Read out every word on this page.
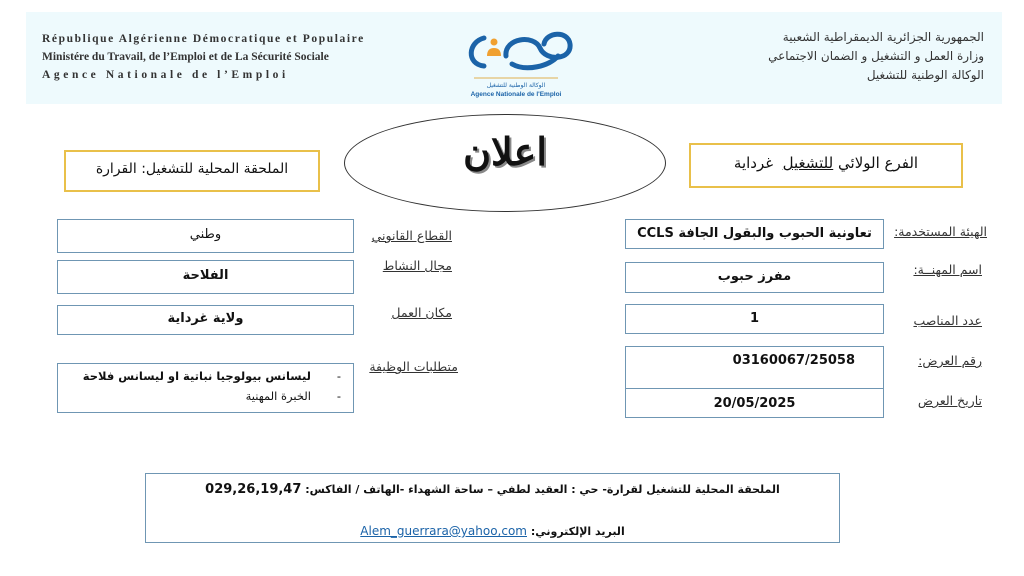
République Algérienne Démocratique et Populaire
Ministére du Travail, de l’Emploi et de La Sécurité Sociale
Agence Nationale de l’Emploi
الوكالة الوطنية للتشغيل
Agence Nationale de l'Emploi
الجمهورية الجزائرية الديمقراطية الشعبية
وزارة العمل و التشغيل و الضمان الاجتماعي
الوكالة الوطنية للتشغيل
الملحقة المحلية للتشغيل: القرارة	اعلان	الفرع الولائي للتشغيل  غرداية
الهيئة المستخدمة:
تعاونية الحبوب والبقول الجافة CCLS
اسم المهنــة:
مفرز حبوب
عدد المناصب
1
رقم العرض:
تاريخ العرض
03160067/25058
20/05/2025
القطاع القانوني
وطني
مجال النشاط
الفلاحة
مكان العمل
ولاية غرداية
متطلبات الوظيفة
-ليسانس بيولوجيا نباتية او ليسانس فلاحة
-الخبرة المهنية
الملحقة المحلية للتشغيل لقرارة- حي : العقيد لطفي – ساحة الشهداء -الهاتف / الفاكس: 029,26,19,47
البريد الإلكتروني: Alem_guerrara@yahoo,com
